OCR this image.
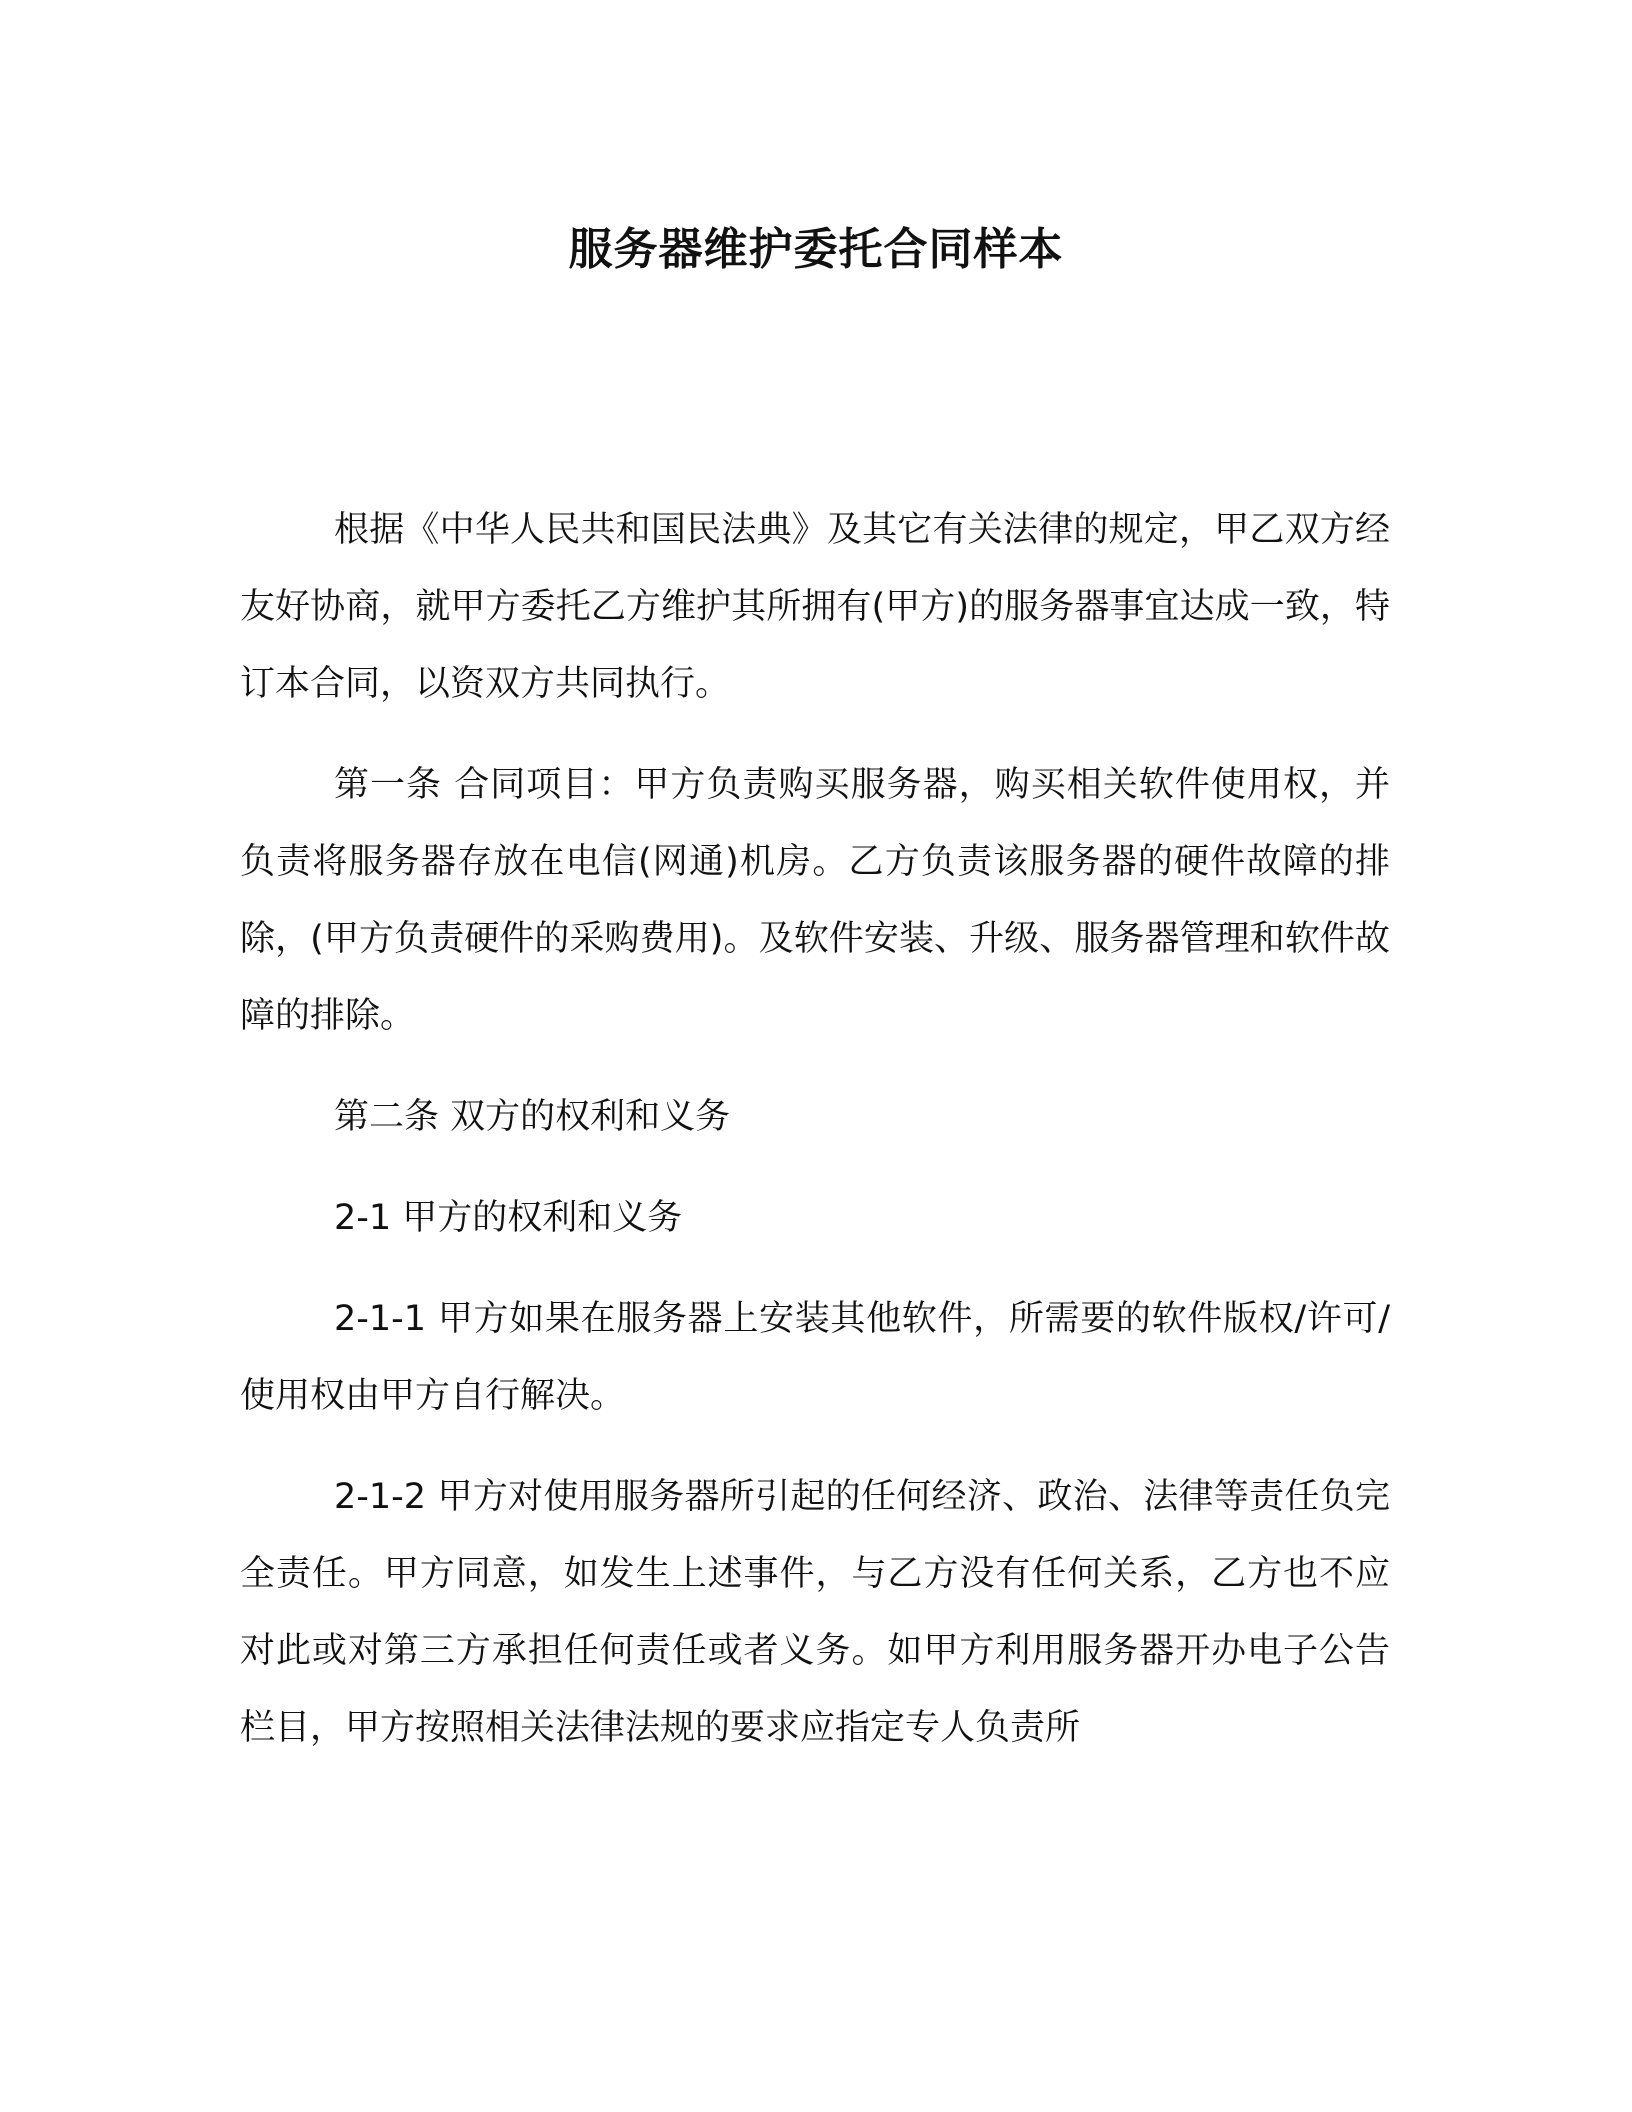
服务器维护委托合同样本

根据《中华人民共和国民法典》及其它有关法律的规定，甲乙双方经友好协商，就甲方委托乙方维护其所拥有(甲方)的服务器事宜达成一致，特订本合同，以资双方共同执行。

第一条 合同项目：甲方负责购买服务器，购买相关软件使用权，并负责将服务器存放在电信(网通)机房。乙方负责该服务器的硬件故障的排除，(甲方负责硬件的采购费用)。及软件安装、升级、服务器管理和软件故障的排除。

第二条 双方的权利和义务

2-1 甲方的权利和义务

2-1-1 甲方如果在服务器上安装其他软件，所需要的软件版权/许可/使用权由甲方自行解决。

2-1-2 甲方对使用服务器所引起的任何经济、政治、法律等责任负完全责任。甲方同意，如发生上述事件，与乙方没有任何关系，乙方也不应对此或对第三方承担任何责任或者义务。如甲方利用服务器开办电子公告栏目，甲方按照相关法律法规的要求应指定专人负责所
